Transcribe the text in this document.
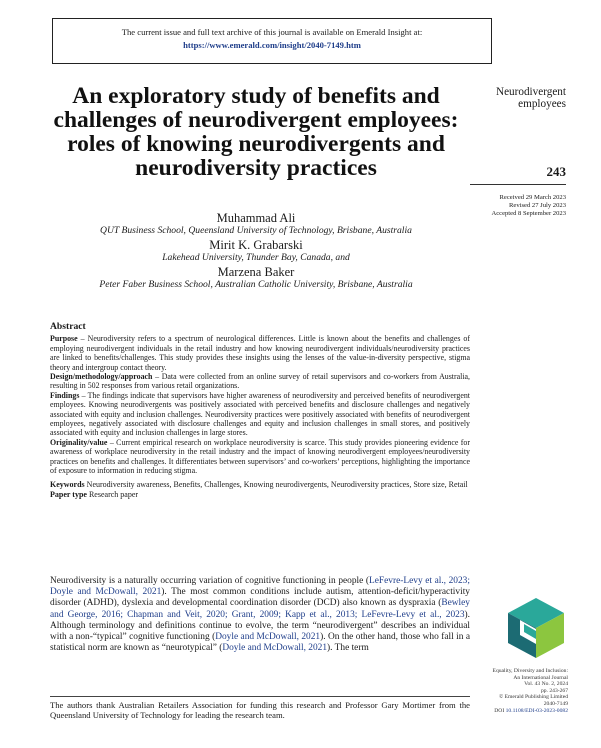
The current issue and full text archive of this journal is available on Emerald Insight at:
https://www.emerald.com/insight/2040-7149.htm
Neurodivergent
employees
243
Received 29 March 2023
Revised 27 July 2023
Accepted 8 September 2023
An exploratory study of benefits and challenges of neurodivergent employees: roles of knowing neurodivergents and neurodiversity practices
Muhammad Ali
QUT Business School, Queensland University of Technology, Brisbane, Australia
Mirit K. Grabarski
Lakehead University, Thunder Bay, Canada, and
Marzena Baker
Peter Faber Business School, Australian Catholic University, Brisbane, Australia
Abstract

Purpose – Neurodiversity refers to a spectrum of neurological differences. Little is known about the benefits and challenges of employing neurodivergent individuals in the retail industry and how knowing neurodivergent individuals/neurodiversity practices are linked to benefits/challenges. This study provides these insights using the lenses of the value-in-diversity perspective, stigma theory and intergroup contact theory.

Design/methodology/approach – Data were collected from an online survey of retail supervisors and co-workers from Australia, resulting in 502 responses from various retail organizations.

Findings – The findings indicate that supervisors have higher awareness of neurodiversity and perceived benefits of neurodivergent employees. Knowing neurodivergents was positively associated with perceived benefits and disclosure challenges and negatively associated with equity and inclusion challenges. Neurodiversity practices were positively associated with benefits of neurodivergent employees, negatively associated with disclosure challenges and equity and inclusion challenges in small stores, and positively associated with equity and inclusion challenges in large stores.

Originality/value – Current empirical research on workplace neurodiversity is scarce. This study provides pioneering evidence for awareness of workplace neurodiversity in the retail industry and the impact of knowing neurodivergent employees/neurodiversity practices on benefits and challenges. It differentiates between supervisors’ and co-workers’ perceptions, highlighting the importance of exposure to information in reducing stigma.

Keywords Neurodiversity awareness, Benefits, Challenges, Knowing neurodivergents, Neurodiversity practices, Store size, Retail

Paper type Research paper

Neurodiversity is a naturally occurring variation of cognitive functioning in people (LeFevre-Levy et al., 2023; Doyle and McDowall, 2021). The most common conditions include autism, attention-deficit/hyperactivity disorder (ADHD), dyslexia and developmental coordination disorder (DCD) also known as dyspraxia (Bewley and George, 2016; Chapman and Veit, 2020; Grant, 2009; Kapp et al., 2013; LeFevre-Levy et al., 2023). Although terminology and definitions continue to evolve, the term “neurodivergent” describes an individual with a non-“typical” cognitive functioning (Doyle and McDowall, 2021). On the other hand, those who fall in a statistical norm are known as “neurotypical” (Doyle and McDowall, 2021). The term

Equality, Diversity and Inclusion:
An International Journal
Vol. 43 No. 2, 2024
pp. 243-267
© Emerald Publishing Limited
2040-7149
DOI 10.1108/EDI-03-2023-0082
The authors thank Australian Retailers Association for funding this research and Professor Gary Mortimer from the Queensland University of Technology for leading the research team.
